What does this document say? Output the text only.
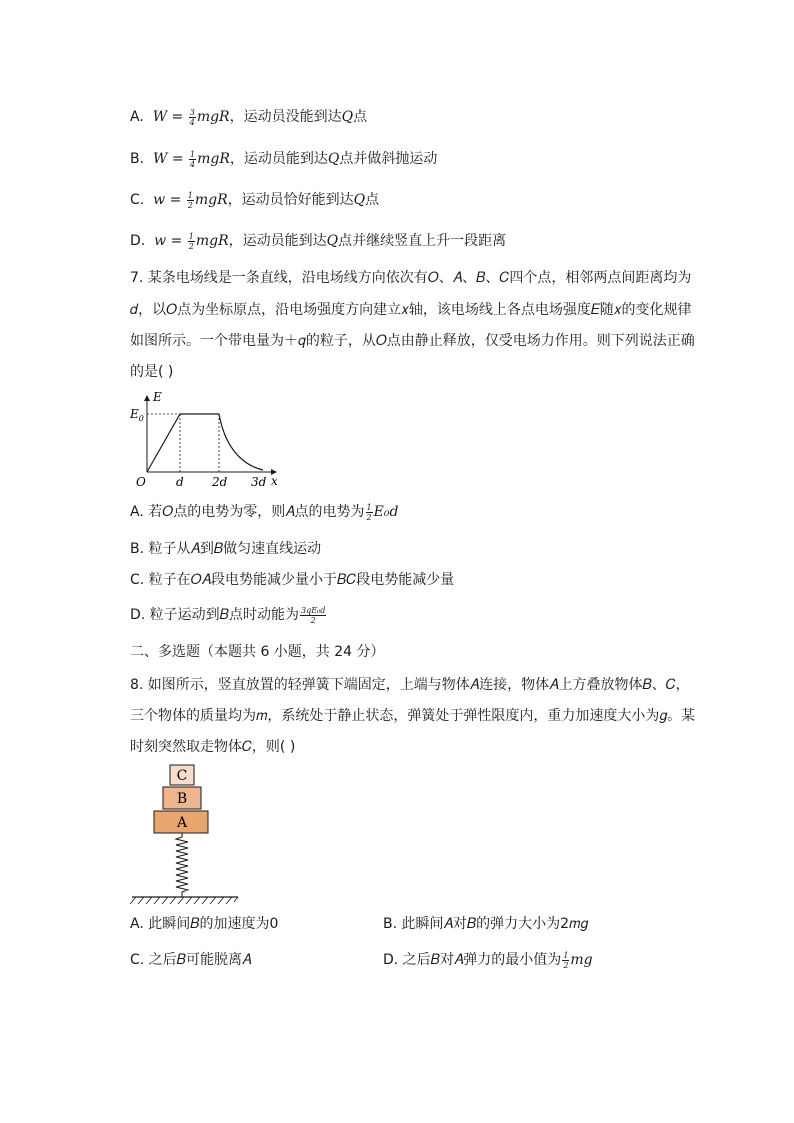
A. $W = \frac{3}{4}$ mgR，运动员没能到达Q点
B. $W = \frac{1}{4}$ mgR，运动员能到达Q点并做斜抛运动
C. $w = \frac{1}{2}$ mgR，运动员恰好能到达Q点
D. $w = \frac{1}{2}$ mgR，运动员能到达Q点并继续竖直上升一段距离
7. 某条电场线是一条直线，沿电场线方向依次有𝑂、𝐴、𝐵、𝐶四个点，相邻两点间距离均为
𝑑，以𝑂点为坐标原点，沿电场强度方向建立𝑥轴，该电场线上各点电场强度𝐸随𝑥的变化规律
如图所示。一个带电量为＋𝑞的粒子，从𝑂点由静止释放，仅受电场力作用。则下列说法正确
的是( )
E
$E_0$
O	d 2d 3d x
A. 若𝑂点的电势为零，则𝐴点的电势为 $\frac{1}{2} E_0d$
B. 粒子从𝐴到𝐵做匀速直线运动
C. 粒子在𝑂𝐴段电势能减少量小于𝐵𝐶段电势能减少量
D. 粒子运动到𝐵点时动能为 $\frac{\text{3qE₀d}}{2}$
二、多选题（本题共 6 小题，共 24 分）
8. 如图所示，竖直放置的轻弹簧下端固定，上端与物体𝐴连接，物体𝐴上方叠放物体𝐵、𝐶，
三个物体的质量均为𝑚，系统处于静止状态，弹簧处于弹性限度内，重力加速度大小为𝑔。某
时刻突然取走物体𝐶，则( )
C
B
A
A. 此瞬间𝐵的加速度为0	B. 此瞬间𝐴对𝐵的弹力大小为2𝑚𝑔
C. 之后𝐵可能脱离𝐴	D. 之后𝐵对𝐴弹力的最小值为 $\frac{1}{2}$ mg
